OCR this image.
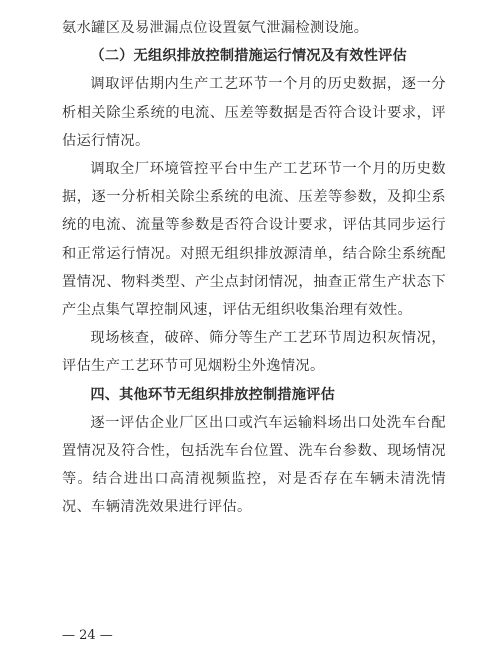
氨水罐区及易泄漏点位设置氨气泄漏检测设施。

（二）无组织排放控制措施运行情况及有效性评估

调取评估期内生产工艺环节一个月的历史数据，逐一分析相关除尘系统的电流、压差等数据是否符合设计要求，评估运行情况。

调取全厂环境管控平台中生产工艺环节一个月的历史数据，逐一分析相关除尘系统的电流、压差等参数，及抑尘系统的电流、流量等参数是否符合设计要求，评估其同步运行和正常运行情况。对照无组织排放源清单，结合除尘系统配置情况、物料类型、产尘点封闭情况，抽查正常生产状态下产尘点集气罩控制风速，评估无组织收集治理有效性。

现场核查，破碎、筛分等生产工艺环节周边积灰情况，评估生产工艺环节可见烟粉尘外逸情况。

四、其他环节无组织排放控制措施评估

逐一评估企业厂区出口或汽车运输料场出口处洗车台配置情况及符合性，包括洗车台位置、洗车台参数、现场情况等。结合进出口高清视频监控，对是否存在车辆未清洗情况、车辆清洗效果进行评估。

— 24 —
